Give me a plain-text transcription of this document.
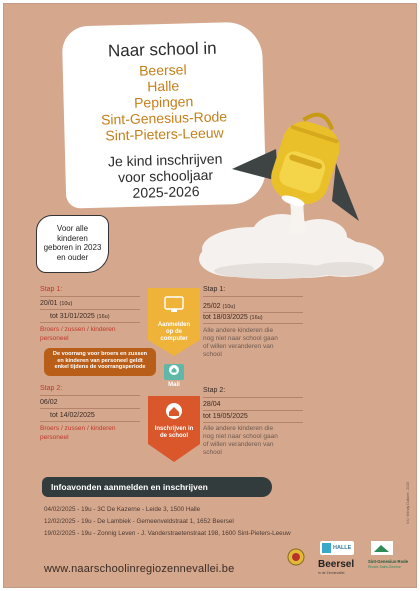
Naar school in
Beersel
Halle
Pepingen
Sint-Genesius-Rode
Sint-Pieters-Leeuw
Je kind inschrijven
voor schooljaar
2025-2026
Voor alle
kinderen
geboren in 2023
en ouder
Stap 1:
20/01 (10u)
tot 31/01/2025 (16u)
Broers / zussen / kinderen
personeel
De voorrang voor broers en zussen
en kinderen van personeel geldt
enkel tijdens de voorrangsperiode
Stap 2:
06/02
tot 14/02/2025
Broers / zussen / kinderen
personeel
Aanmelden
op de
computer
Mail
Inschrijven in
de school
Stap 1:
25/02 (10u)
tot 18/03/2025 (16u)
Alle andere kinderen die
nog niet naar school gaan
of willen veranderen van
school
Stap 2:
28/04
tot 19/05/2025
Alle andere kinderen die
nog niet naar school gaan
of willen veranderen van
school
Infoavonden aanmelden en inschrijven
04/02/2025 - 19u - 3C De Kazerne - Leide 3, 1500 Halle
12/02/2025 - 19u - De Lambiek - Gemeenveldstraat 1, 1652 Beersel
19/02/2025 - 19u - Zonnig Leven - J. Vanderstraetenstraat 198, 1600 Sint-Pieters-Leeuw
www.naarschoolinregiozennevallei.be
HALLE
Beersel
in de Zennevallei
Sint-Genesius-Rode
Rhode-Saint-Genèse
V.U. Wendy Dullaert - 2025
